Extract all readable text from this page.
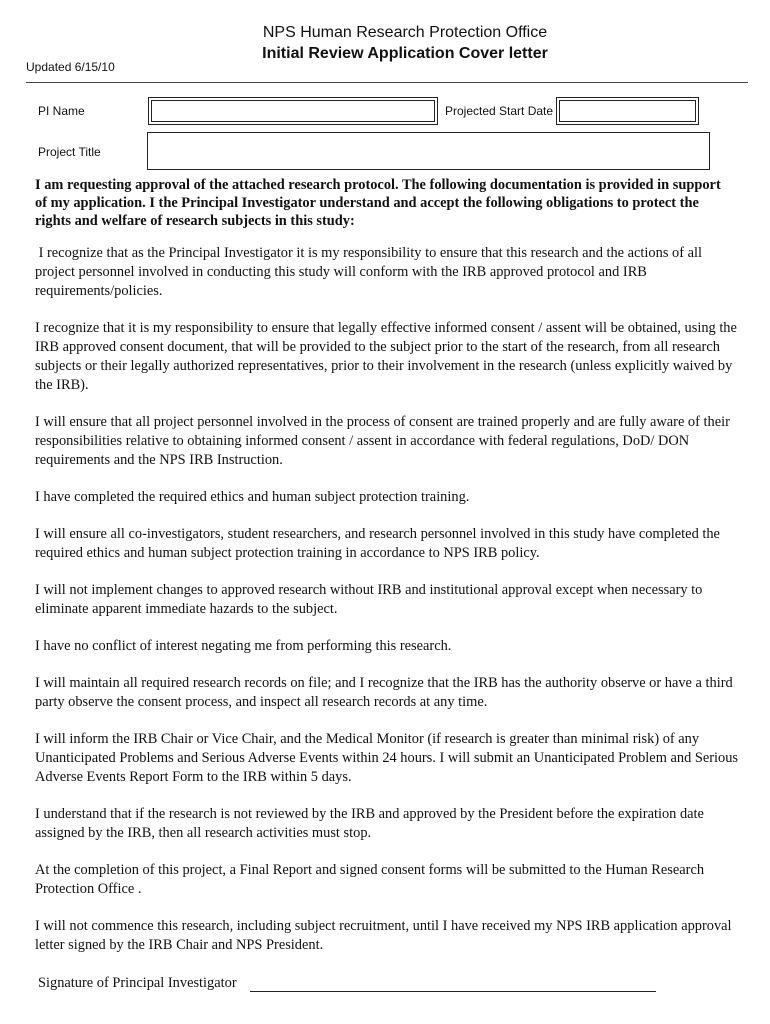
NPS Human Research Protection Office
Initial Review Application Cover letter
Updated 6/15/10
PI Name	Projected Start Date
Project Title
I am requesting approval of the attached research protocol. The following documentation is provided in support of my application. I the Principal Investigator understand and accept the following obligations to protect the rights and welfare of research subjects in this study:

I recognize that as the Principal Investigator it is my responsibility to ensure that this research and the actions of all project personnel involved in conducting this study will conform with the IRB approved protocol and IRB requirements/policies.

I recognize that it is my responsibility to ensure that legally effective informed consent / assent will be obtained, using the IRB approved consent document, that will be provided to the subject prior to the start of the research, from all research subjects or their legally authorized representatives, prior to their involvement in the research (unless explicitly waived by the IRB).

I will ensure that all project personnel involved in the process of consent are trained properly and are fully aware of their responsibilities relative to obtaining informed consent / assent in accordance with federal regulations, DoD/ DON requirements and the NPS IRB Instruction.

I have completed the required ethics and human subject protection training.

I will ensure all co-investigators, student researchers, and research personnel involved in this study have completed the required ethics and human subject protection training in accordance to NPS IRB policy.

I will not implement changes to approved research without IRB and institutional approval except when necessary to eliminate apparent immediate hazards to the subject.

I have no conflict of interest negating me from performing this research.

I will maintain all required research records on file; and I recognize that the IRB has the authority observe or have a third party observe the consent process, and inspect all research records at any time.

I will inform the IRB Chair or Vice Chair, and the Medical Monitor (if research is greater than minimal risk) of any Unanticipated Problems and Serious Adverse Events within 24 hours. I will submit an Unanticipated Problem and Serious Adverse Events Report Form to the IRB within 5 days.

I understand that if the research is not reviewed by the IRB and approved by the President before the expiration date assigned by the IRB, then all research activities must stop.

At the completion of this project, a Final Report and signed consent forms will be submitted to the Human Research Protection Office .

I will not commence this research, including subject recruitment, until I have received my NPS IRB application approval letter signed by the IRB Chair and NPS President.

Signature of Principal Investigator
